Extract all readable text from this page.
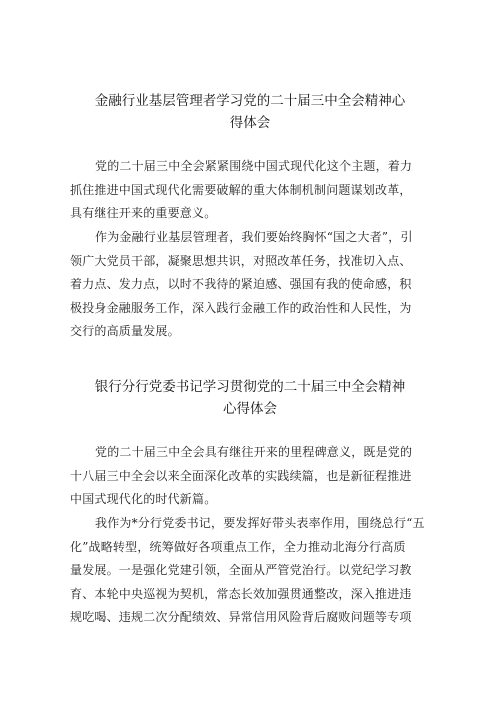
金融行业基层管理者学习党的二十届三中全会精神心
得体会
党的二十届三中全会紧紧围绕中国式现代化这个主题，着力
抓住推进中国式现代化需要破解的重大体制机制问题谋划改革，
具有继往开来的重要意义。
作为金融行业基层管理者，我们要始终胸怀“国之大者”，引
领广大党员干部，凝聚思想共识，对照改革任务，找准切入点、
着力点、发力点，以时不我待的紧迫感、强国有我的使命感，积
极投身金融服务工作，深入践行金融工作的政治性和人民性，为
交行的高质量发展。
银行分行党委书记学习贯彻党的二十届三中全会精神
心得体会
党的二十届三中全会具有继往开来的里程碑意义，既是党的
十八届三中全会以来全面深化改革的实践续篇，也是新征程推进
中国式现代化的时代新篇。
我作为*分行党委书记，要发挥好带头表率作用，围绕总行“五
化”战略转型，统筹做好各项重点工作，全力推动北海分行高质
量发展。一是强化党建引领，全面从严管党治行。以党纪学习教
育、本轮中央巡视为契机，常态长效加强贯通整改，深入推进违
规吃喝、违规二次分配绩效、异常信用风险背后腐败问题等专项
